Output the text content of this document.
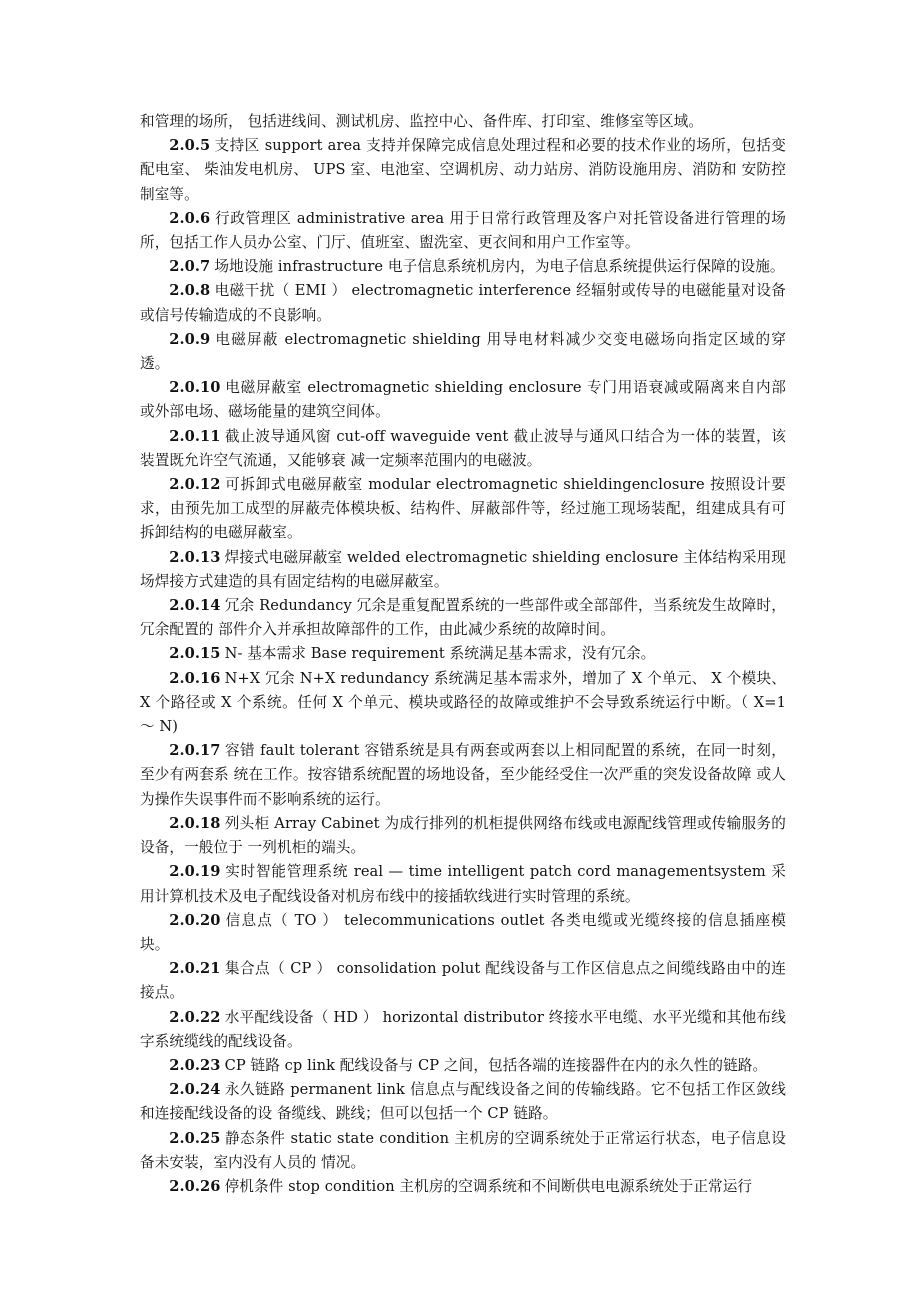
和管理的场所， 包括进线间、测试机房、监控中心、备件库、打印室、维修室等区域。

2.0.5 支持区 support area 支持并保障完成信息处理过程和必要的技术作业的场所，包括变配电室、 柴油发电机房、 UPS 室、电池室、空调机房、动力站房、消防设施用房、消防和 安防控制室等。

2.0.6 行政管理区 administrative area 用于日常行政管理及客户对托管设备进行管理的场所，包括工作人员办公室、门厅、值班室、盥洗室、更衣间和用户工作室等。

2.0.7 场地设施 infrastructure 电子信息系统机房内，为电子信息系统提供运行保障的设施。

2.0.8 电磁干扰（ EMI ） electromagnetic interference 经辐射或传导的电磁能量对设备或信号传输造成的不良影响。

2.0.9 电磁屏蔽 electromagnetic shielding 用导电材料减少交变电磁场向指定区域的穿透。

2.0.10 电磁屏蔽室 electromagnetic shielding enclosure 专门用语衰减或隔离来自内部或外部电场、磁场能量的建筑空间体。

2.0.11 截止波导通风窗 cut-off waveguide vent 截止波导与通风口结合为一体的装置，该装置既允许空气流通，又能够衰 减一定频率范围内的电磁波。

2.0.12 可拆卸式电磁屏蔽室 modular electromagnetic shieldingenclosure 按照设计要求，由预先加工成型的屏蔽壳体模块板、结构件、屏蔽部件等，经过施工现场装配，组建成具有可拆卸结构的电磁屏蔽室。

2.0.13 焊接式电磁屏蔽室 welded electromagnetic shielding enclosure 主体结构采用现场焊接方式建造的具有固定结构的电磁屏蔽室。

2.0.14 冗余 Redundancy 冗余是重复配置系统的一些部件或全部部件，当系统发生故障时，冗余配置的 部件介入并承担故障部件的工作，由此减少系统的故障时间。

2.0.15 N- 基本需求 Base requirement 系统满足基本需求，没有冗余。

2.0.16 N+X 冗余 N+X redundancy 系统满足基本需求外，增加了 X 个单元、 X 个模块、 X 个路径或 X 个系统。任何 X 个单元、模块或路径的故障或维护不会导致系统运行中断。（ X=1 ～ N)

2.0.17 容错 fault tolerant 容错系统是具有两套或两套以上相同配置的系统，在同一时刻，至少有两套系 统在工作。按容错系统配置的场地设备，至少能经受住一次严重的突发设备故障 或人为操作失误事件而不影响系统的运行。

2.0.18 列头柜 Array Cabinet 为成行排列的机柜提供网络布线或电源配线管理或传输服务的设备，一般位于 一列机柜的端头。

2.0.19 实时智能管理系统 real — time intelligent patch cord managementsystem 采用计算机技术及电子配线设备对机房布线中的接插软线进行实时管理的系统。

2.0.20 信息点（ TO ） telecommunications outlet 各类电缆或光缆终接的信息插座模块。

2.0.21 集合点（ CP ） consolidation polut 配线设备与工作区信息点之间缆线路由中的连接点。

2.0.22 水平配线设备（ HD ） horizontal distributor 终接水平电缆、水平光缆和其他布线字系统缆线的配线设备。

2.0.23 CP 链路 cp link 配线设备与 CP 之间，包括各端的连接器件在内的永久性的链路。

2.0.24 永久链路 permanent link 信息点与配线设备之间的传输线路。它不包括工作区敛线和连接配线设备的设 备缆线、跳线；但可以包括一个 CP 链路。

2.0.25 静态条件 static state condition 主机房的空调系统处于正常运行状态，电子信息设备未安装，室内没有人员的 情况。

2.0.26 停机条件 stop condition 主机房的空调系统和不间断供电电源系统处于正常运行
